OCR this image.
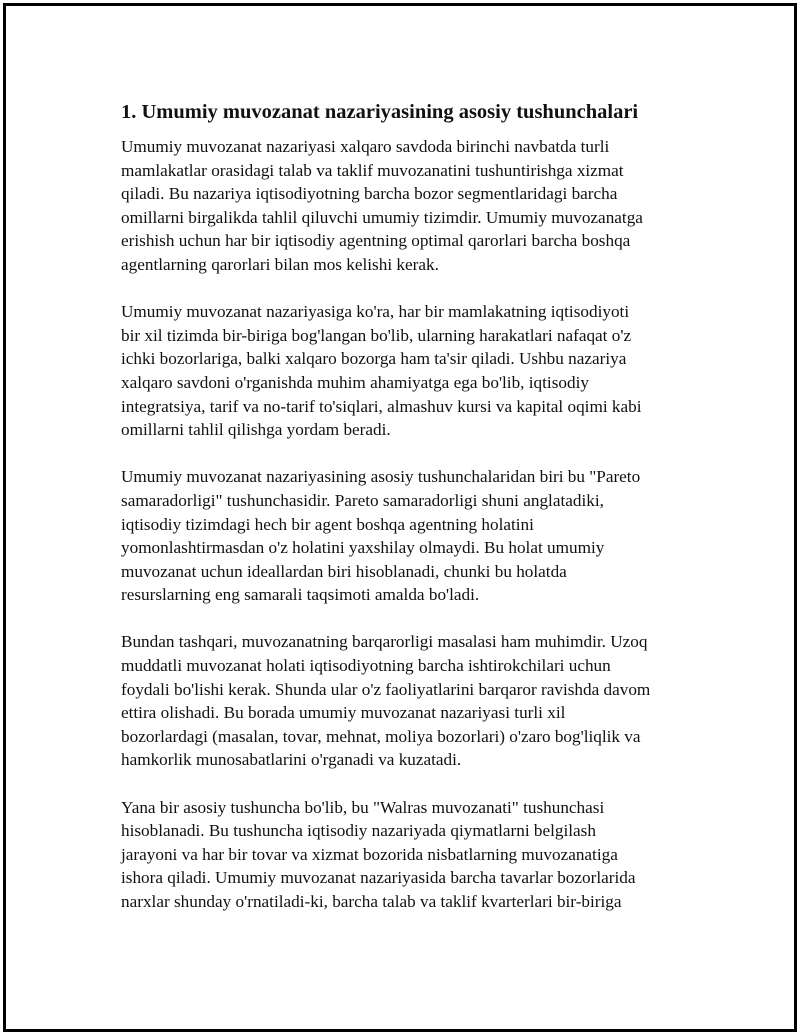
1. Umumiy muvozanat nazariyasining asosiy tushunchalari

Umumiy muvozanat nazariyasi xalqaro savdoda birinchi navbatda turli
mamlakatlar orasidagi talab va taklif muvozanatini tushuntirishga xizmat
qiladi. Bu nazariya iqtisodiyotning barcha bozor segmentlaridagi barcha
omillarni birgalikda tahlil qiluvchi umumiy tizimdir. Umumiy muvozanatga
erishish uchun har bir iqtisodiy agentning optimal qarorlari barcha boshqa
agentlarning qarorlari bilan mos kelishi kerak.

Umumiy muvozanat nazariyasiga ko'ra, har bir mamlakatning iqtisodiyoti
bir xil tizimda bir-biriga bog'langan bo'lib, ularning harakatlari nafaqat o'z
ichki bozorlariga, balki xalqaro bozorga ham ta'sir qiladi. Ushbu nazariya
xalqaro savdoni o'rganishda muhim ahamiyatga ega bo'lib, iqtisodiy
integratsiya, tarif va no-tarif to'siqlari, almashuv kursi va kapital oqimi kabi
omillarni tahlil qilishga yordam beradi.

Umumiy muvozanat nazariyasining asosiy tushunchalaridan biri bu "Pareto
samaradorligi" tushunchasidir. Pareto samaradorligi shuni anglatadiki,
iqtisodiy tizimdagi hech bir agent boshqa agentning holatini
yomonlashtirmasdan o'z holatini yaxshilay olmaydi. Bu holat umumiy
muvozanat uchun ideallardan biri hisoblanadi, chunki bu holatda
resurslarning eng samarali taqsimoti amalda bo'ladi.

Bundan tashqari, muvozanatning barqarorligi masalasi ham muhimdir. Uzoq
muddatli muvozanat holati iqtisodiyotning barcha ishtirokchilari uchun
foydali bo'lishi kerak. Shunda ular o'z faoliyatlarini barqaror ravishda davom
ettira olishadi. Bu borada umumiy muvozanat nazariyasi turli xil
bozorlardagi (masalan, tovar, mehnat, moliya bozorlari) o'zaro bog'liqlik va
hamkorlik munosabatlarini o'rganadi va kuzatadi.

Yana bir asosiy tushuncha bo'lib, bu "Walras muvozanati" tushunchasi
hisoblanadi. Bu tushuncha iqtisodiy nazariyada qiymatlarni belgilash
jarayoni va har bir tovar va xizmat bozorida nisbatlarning muvozanatiga
ishora qiladi. Umumiy muvozanat nazariyasida barcha tavarlar bozorlarida
narxlar shunday o'rnatiladi-ki, barcha talab va taklif kvarterlari bir-biriga
